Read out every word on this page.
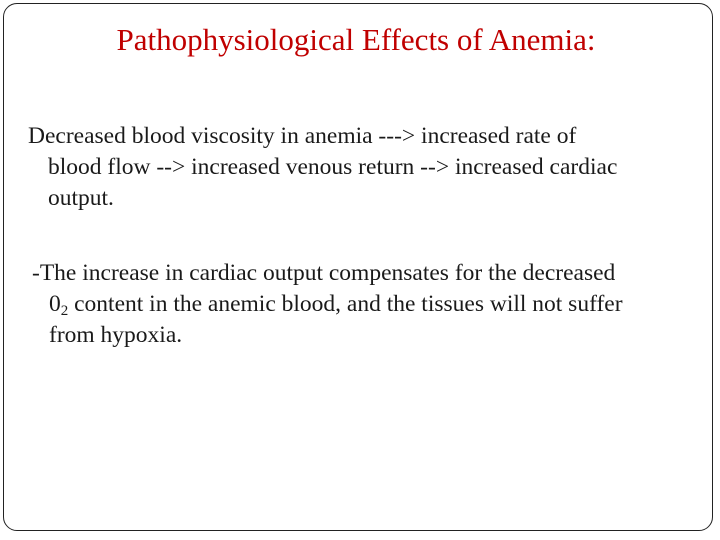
Pathophysiological Effects of Anemia:
Decreased blood viscosity in anemia ---> increased rate of
blood flow --> increased venous return --> increased cardiac
output.
-The increase in cardiac output compensates for the decreased
$0_2$ content in the anemic blood, and the tissues will not suffer
from hypoxia.
